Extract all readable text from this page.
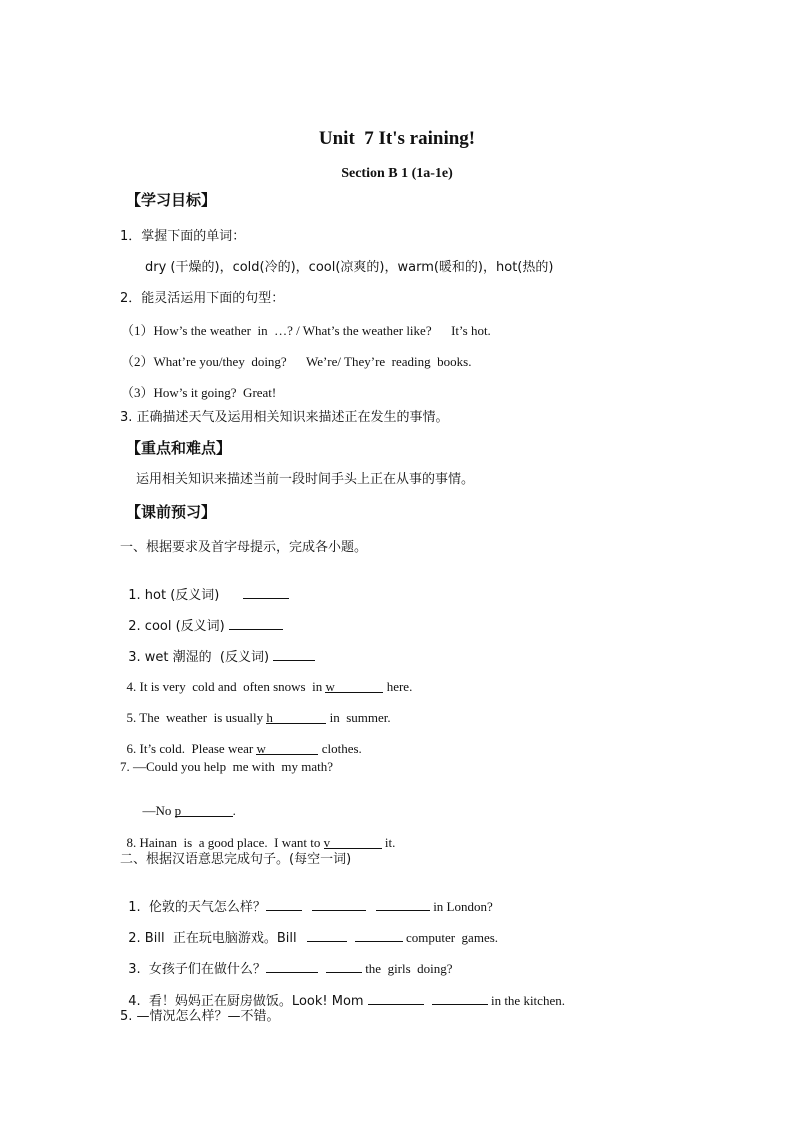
Unit  7 It's raining!
Section B 1 (1a-1e)
【学习目标】
1．掌握下面的单词：
dry (干燥的)，cold(冷的)，cool(凉爽的)，warm(暖和的)，hot(热的)
2．能灵活运用下面的句型：
（1）How’s the weather  in  …? / What’s the weather like?      It’s hot.
（2）What’re you/they  doing?      We’re/ They’re  reading  books.
（3）How’s it going?  Great!
3. 正确描述天气及运用相关知识来描述正在发生的事情。
【重点和难点】
运用相关知识来描述当前一段时间手头上正在从事的事情。
【课前预习】
一、根据要求及首字母提示，完成各小题。

1. hot (反义词)

2. cool (反义词)

3. wet 潮湿的  (反义词)

4. It is very  cold and  often snows  in w	here.

5. The  weather  is usually h	in  summer.

6. It’s cold.  Please wear w	clothes.

7. —Could you help  me with  my math?

—No p	.

8. Hainan  is  a good place.  I want to v	it.

二、根据汉语意思完成句子。(每空一词)

1.  伦敦的天气怎么样？	in London?

2. Bill  正在玩电脑游戏。Bill	computer  games.

3.  女孩子们在做什么？	the  girls  doing?

4.  看！妈妈正在厨房做饭。Look! Mom	in the kitchen.

5. —情况怎么样？—不错。
